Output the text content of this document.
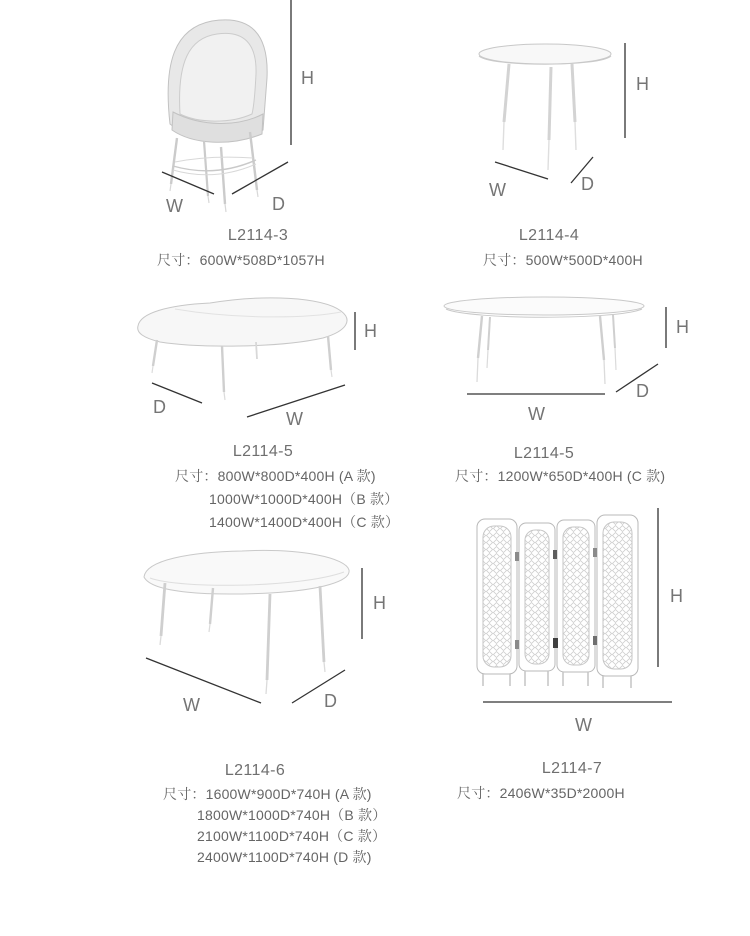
H
W	D
L2114-3
尺寸：600W*508D*1057H
H
W	D
L2114-4
尺寸：500W*500D*400H
H
D
W
L2114-5
尺寸：800W*800D*400H (A 款)
1000W*1000D*400H（B 款）
1400W*1400D*400H（C 款）
H
W
D
L2114-5
尺寸：1200W*650D*400H (C 款)
H
W	D
L2114-6
尺寸：1600W*900D*740H (A 款)
1800W*1000D*740H（B 款）
2100W*1100D*740H（C 款）
2400W*1100D*740H (D 款)
H
W
L2114-7
尺寸：2406W*35D*2000H
